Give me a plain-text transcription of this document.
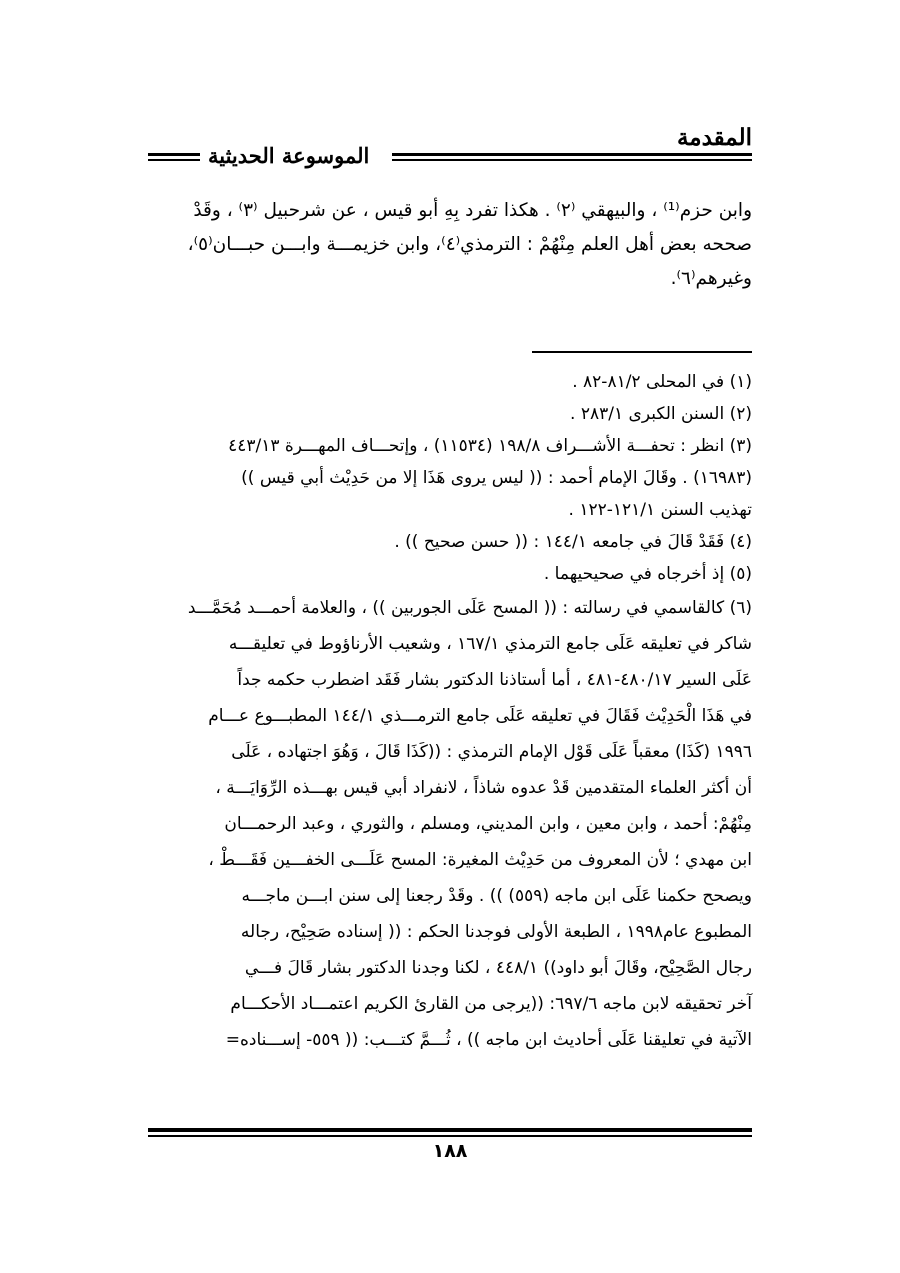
المقدمة
الموسوعة الحديثية
وابن حزم⁽¹⁾ ، والبيهقي ⁽٢⁾ . هكذا تفرد بِهِ أبو قيس ، عن شرحبيل ⁽٣⁾ ، وقَدْ
صححه بعض أهل العلم مِنْهُمْ : الترمذي⁽٤⁾، وابن خزيمـــة وابـــن حبـــان⁽٥⁾،
وغيرهم⁽٦⁾.
(١) في المحلى ٨١/٢-٨٢ .
(٢) السنن الكبرى ٢٨٣/١ .
(٣) انظر : تحفـــة الأشـــراف ١٩٨/٨ (١١٥٣٤) ، وإتحـــاف المهـــرة ٤٤٣/١٣
(١٦٩٨٣) . وقَالَ الإمام أحمد : (( ليس يروى هَذَا إلا من حَدِيْث أبي قيس ))
تهذيب السنن ١٢١/١-١٢٢ .
(٤) فَقَدْ قَالَ في جامعه ١٤٤/١ : (( حسن صحيح )) .
(٥) إذ أخرجاه في صحيحيهما .
(٦) كالقاسمي في رسالته : (( المسح عَلَى الجوربين )) ، والعلامة أحمـــد مُحَمَّـــد
شاكر في تعليقه عَلَى جامع الترمذي ١٦٧/١ ، وشعيب الأرناؤوط في تعليقـــه
عَلَى السير ٤٨٠/١٧-٤٨١ ، أما أستاذنا الدكتور بشار فَقَد اضطرب حكمه جداً
في هَذَا الْحَدِيْث فَقَالَ في تعليقه عَلَى جامع الترمـــذي ١٤٤/١ المطبـــوع عـــام
١٩٩٦ (كَذَا) معقباً عَلَى قَوْل الإمام الترمذي : ((كَذَا قَالَ ، وَهُوَ اجتهاده ، عَلَى
أن أكثر العلماء المتقدمين قَدْ عدوه شاذاً ، لانفراد أبي قيس بهـــذه الرِّوَايَـــة ،
مِنْهُمْ: أحمد ، وابن معين ، وابن المديني، ومسلم ، والثوري ، وعبد الرحمـــان
ابن مهدي ؛ لأن المعروف من حَدِيْث المغيرة: المسح عَلَـــى الخفـــين فَقَـــطْ ،
ويصحح حكمنا عَلَى ابن ماجه (٥٥٩) )) . وقَدْ رجعنا إلى سنن ابـــن ماجـــه
المطبوع عام١٩٩٨ ، الطبعة الأولى فوجدنا الحكم : (( إسناده صَحِيْح، رجاله
رجال الصَّحِيْح، وقَالَ أبو داود)) ٤٤٨/١ ، لكنا وجدنا الدكتور بشار قَالَ فـــي
آخر تحقيقه لابن ماجه ٦٩٧/٦: ((يرجى من القارئ الكريم اعتمـــاد الأحكـــام
الآتية في تعليقنا عَلَى أحاديث ابن ماجه )) ، ثُـــمَّ كتـــب: (( ٥٥٩- إســـناده=
١٨٨
